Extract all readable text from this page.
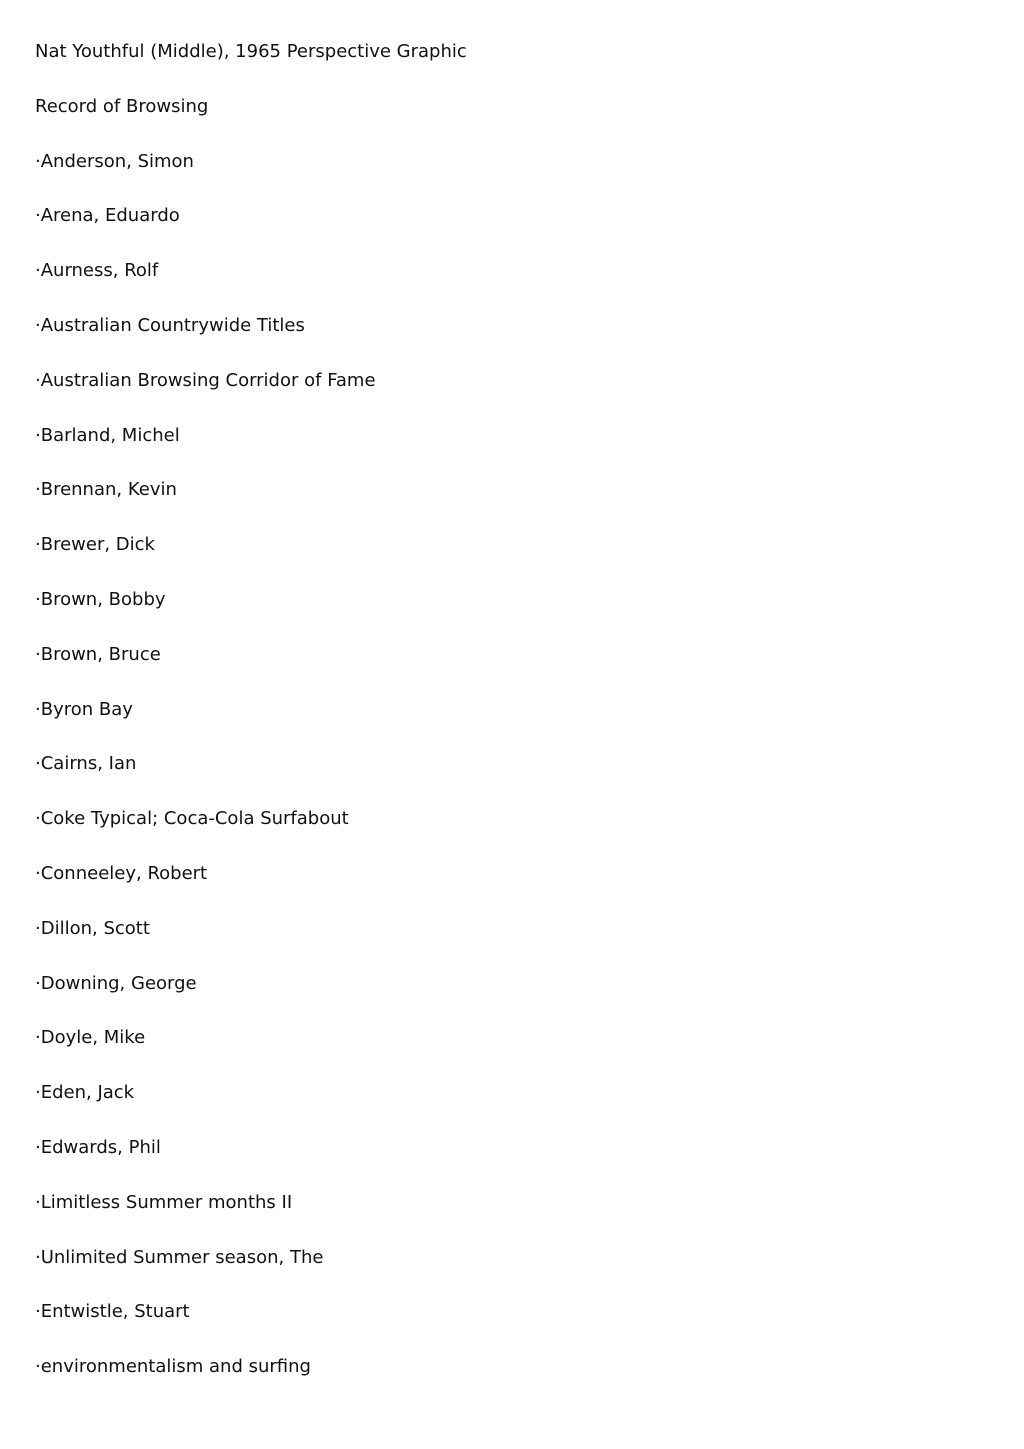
Nat Youthful (Middle), 1965 Perspective Graphic
Record of Browsing
·Anderson, Simon
·Arena, Eduardo
·Aurness, Rolf
·Australian Countrywide Titles
·Australian Browsing Corridor of Fame
·Barland, Michel
·Brennan, Kevin
·Brewer, Dick
·Brown, Bobby
·Brown, Bruce
·Byron Bay
·Cairns, Ian
·Coke Typical; Coca-Cola Surfabout
·Conneeley, Robert
·Dillon, Scott
·Downing, George
·Doyle, Mike
·Eden, Jack
·Edwards, Phil
·Limitless Summer months II
·Unlimited Summer season, The
·Entwistle, Stuart
·environmentalism and surfing
